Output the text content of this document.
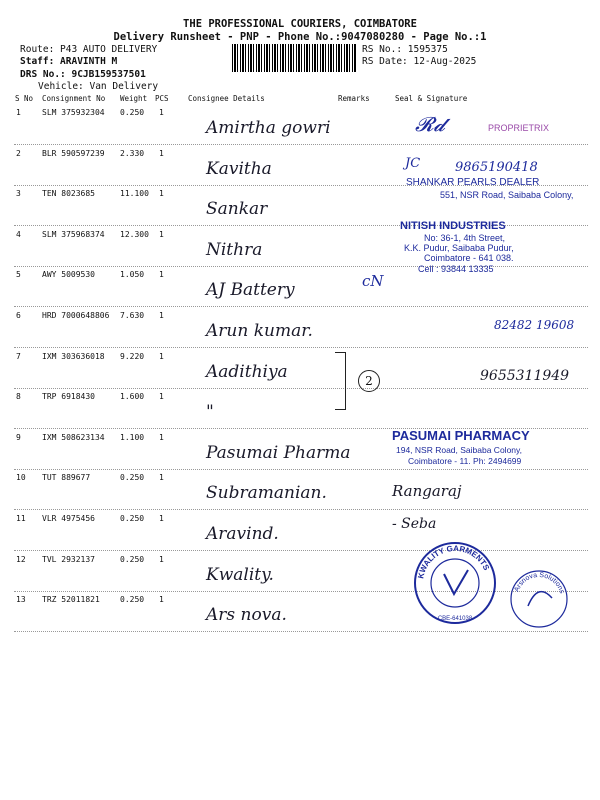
THE PROFESSIONAL COURIERS, COIMBATORE
Delivery Runsheet - PNP - Phone No.:9047080280 - Page No.:1
Route: P43 AUTO DELIVERY
Staff: ARAVINTH M
DRS No.: 9CJB159537501
Vehicle: Van Delivery
RS No.: 1595375
RS Date: 12-Aug-2025
S No Consignment No Weight PCS	Consignee Details	Remarks	Seal & Signature
1	SLM 375932304 0.250 1
Amirtha gowri
2	BLR 590597239 2.330 1
Kavitha
3	TEN 8023685	11.100 1
Sankar
4	SLM 375968374 12.300 1
Nithra
5	AWY 5009530	1.050 1
AJ Battery
6	HRD 7000648806 7.630 1
Arun kumar.
7	IXM 303636018 9.220 1
Aadithiya
8	TRP 6918430	1.600 1
"
9	IXM 508623134 1.100 1
Pasumai Pharma
10 TUT 889677	0.250 1
Subramanian.
11 VLR 4975456	0.250 1
Aravind.
12 TVL 2932137	0.250 1
Kwality.
13 TRZ 52011821	0.250 1
Ars nova.
𝓡𝓭	PROPRIETRIX
JC	9865190418
SHANKAR PEARLS DEALER
551, NSR Road, Saibaba Colony,
NITISH INDUSTRIES
No: 36-1, 4th Street,
K.K. Pudur, Saibaba Pudur,
Coimbatore - 641 038.
Cell : 93844 13335
cN
82482 19608
2	9655311949
PASUMAI PHARMACY
194, NSR Road, Saibaba Colony,
Coimbatore - 11. Ph: 2494699
Rangaraj
- Seba
KWALITY GARMENTS
CBE-641038
Arsnova Solutions
